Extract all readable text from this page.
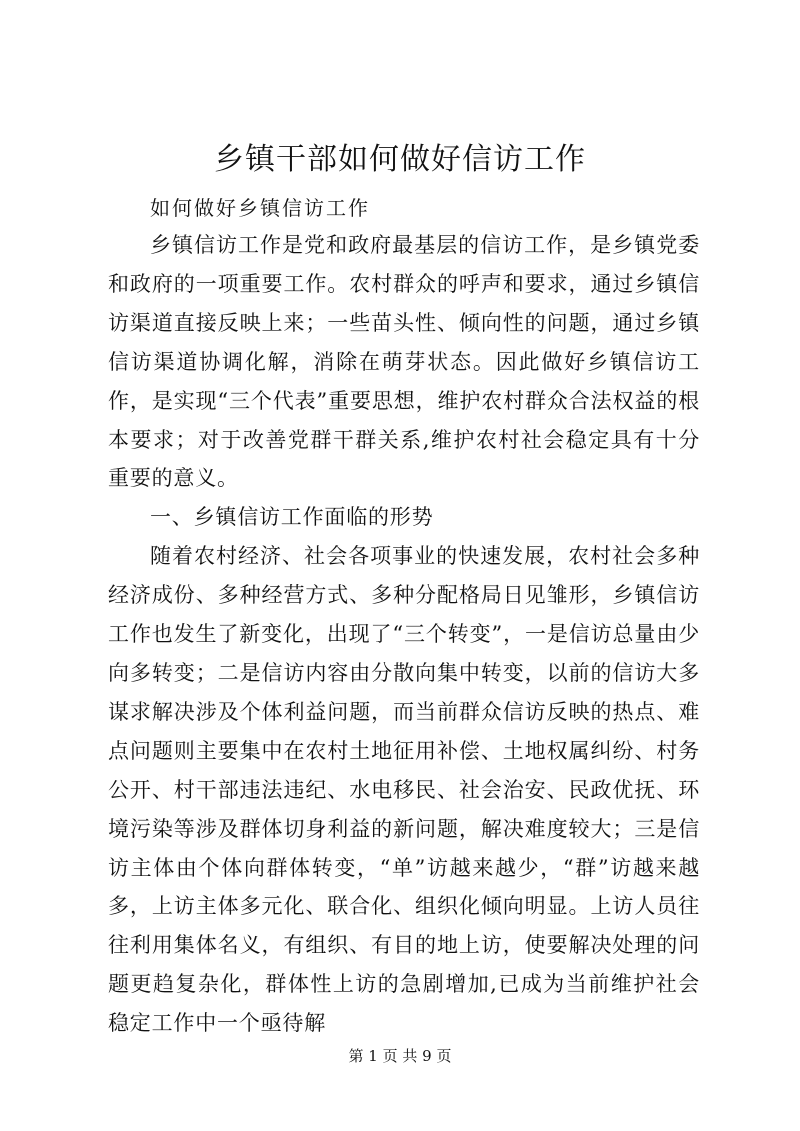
乡镇干部如何做好信访工作

如何做好乡镇信访工作

乡镇信访工作是党和政府最基层的信访工作，是乡镇党委和政府的一项重要工作。农村群众的呼声和要求，通过乡镇信访渠道直接反映上来；一些苗头性、倾向性的问题，通过乡镇信访渠道协调化解，消除在萌芽状态。因此做好乡镇信访工作，是实现“三个代表”重要思想，维护农村群众合法权益的根本要求；对于改善党群干群关系,维护农村社会稳定具有十分重要的意义。

一、乡镇信访工作面临的形势

随着农村经济、社会各项事业的快速发展，农村社会多种经济成份、多种经营方式、多种分配格局日见雏形，乡镇信访工作也发生了新变化，出现了“三个转变”，一是信访总量由少向多转变；二是信访内容由分散向集中转变，以前的信访大多谋求解决涉及个体利益问题，而当前群众信访反映的热点、难点问题则主要集中在农村土地征用补偿、土地权属纠纷、村务公开、村干部违法违纪、水电移民、社会治安、民政优抚、环境污染等涉及群体切身利益的新问题，解决难度较大；三是信访主体由个体向群体转变，“单”访越来越少，“群”访越来越多，上访主体多元化、联合化、组织化倾向明显。上访人员往往利用集体名义，有组织、有目的地上访，使要解决处理的问题更趋复杂化，群体性上访的急剧增加,已成为当前维护社会稳定工作中一个亟待解

第 1 页 共 9 页
